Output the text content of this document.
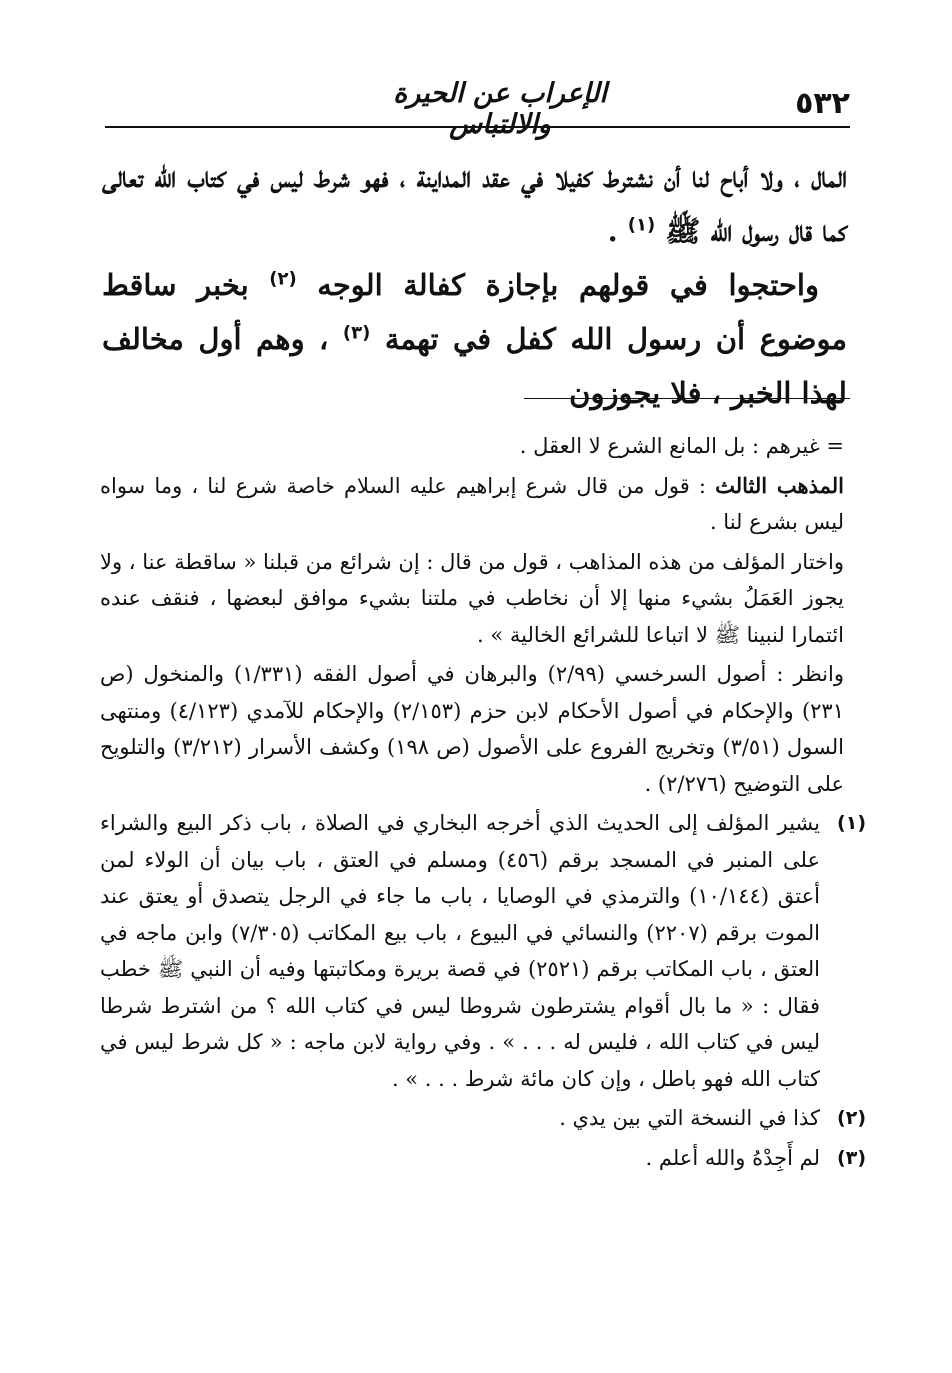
٥٣٢
الإعراب عن الحيرة والالتباس

المال ، ولا أباح لنا أن نشترط كفيلا في عقد المداينة ، فهو شرط ليس في كتاب الله تعالى كما قال رسول الله ﷺ $^{(١)}$ .

واحتجوا في قولهم بإجازة كفالة الوجه $^{(٢)}$ بخبر ساقط موضوع أن رسول الله كفل في تهمة $^{(٣)}$ ، وهم أول مخالف لهذا الخبر ، فلا يجوزون

= غيرهم : بل المانع الشرع لا العقل .

المذهب الثالث : قول من قال شرع إبراهيم عليه السلام خاصة شرع لنا ، وما سواه ليس بشرع لنا .

واختار المؤلف من هذه المذاهب ، قول من قال : إن شرائع من قبلنا « ساقطة عنا ، ولا يجوز العَمَلُ بشيء منها إلا أن نخاطب في ملتنا بشيء موافق لبعضها ، فنقف عنده ائتمارا لنبينا ﷺ لا اتباعا للشرائع الخالية » .

وانظر : أصول السرخسي (٢/٩٩) والبرهان في أصول الفقه (١/٣٣١) والمنخول (ص ٢٣١) والإحكام في أصول الأحكام لابن حزم (٢/١٥٣) والإحكام للآمدي (٤/١٢٣) ومنتهى السول (٣/٥١) وتخريج الفروع على الأصول (ص ١٩٨) وكشف الأسرار (٣/٢١٢) والتلويح على التوضيح (٢/٢٧٦) .

(١)
يشير المؤلف إلى الحديث الذي أخرجه البخاري في الصلاة ، باب ذكر البيع والشراء على المنبر في المسجد برقم (٤٥٦) ومسلم في العتق ، باب بيان أن الولاء لمن أعتق (١٠/١٤٤) والترمذي في الوصايا ، باب ما جاء في الرجل يتصدق أو يعتق عند الموت برقم (٢٢٠٧) والنسائي في البيوع ، باب بيع المكاتب (٧/٣٠٥) وابن ماجه في العتق ، باب المكاتب برقم (٢٥٢١) في قصة بريرة ومكاتبتها وفيه أن النبي ﷺ خطب فقال : « ما بال أقوام يشترطون شروطا ليس في كتاب الله ؟ من اشترط شرطا ليس في كتاب الله ، فليس له . . . » . وفي رواية لابن ماجه : « كل شرط ليس في كتاب الله فهو باطل ، وإن كان مائة شرط . . . » .
(٢)
كذا في النسخة التي بين يدي .
(٣)
لم أَجِدْهُ والله أعلم .
